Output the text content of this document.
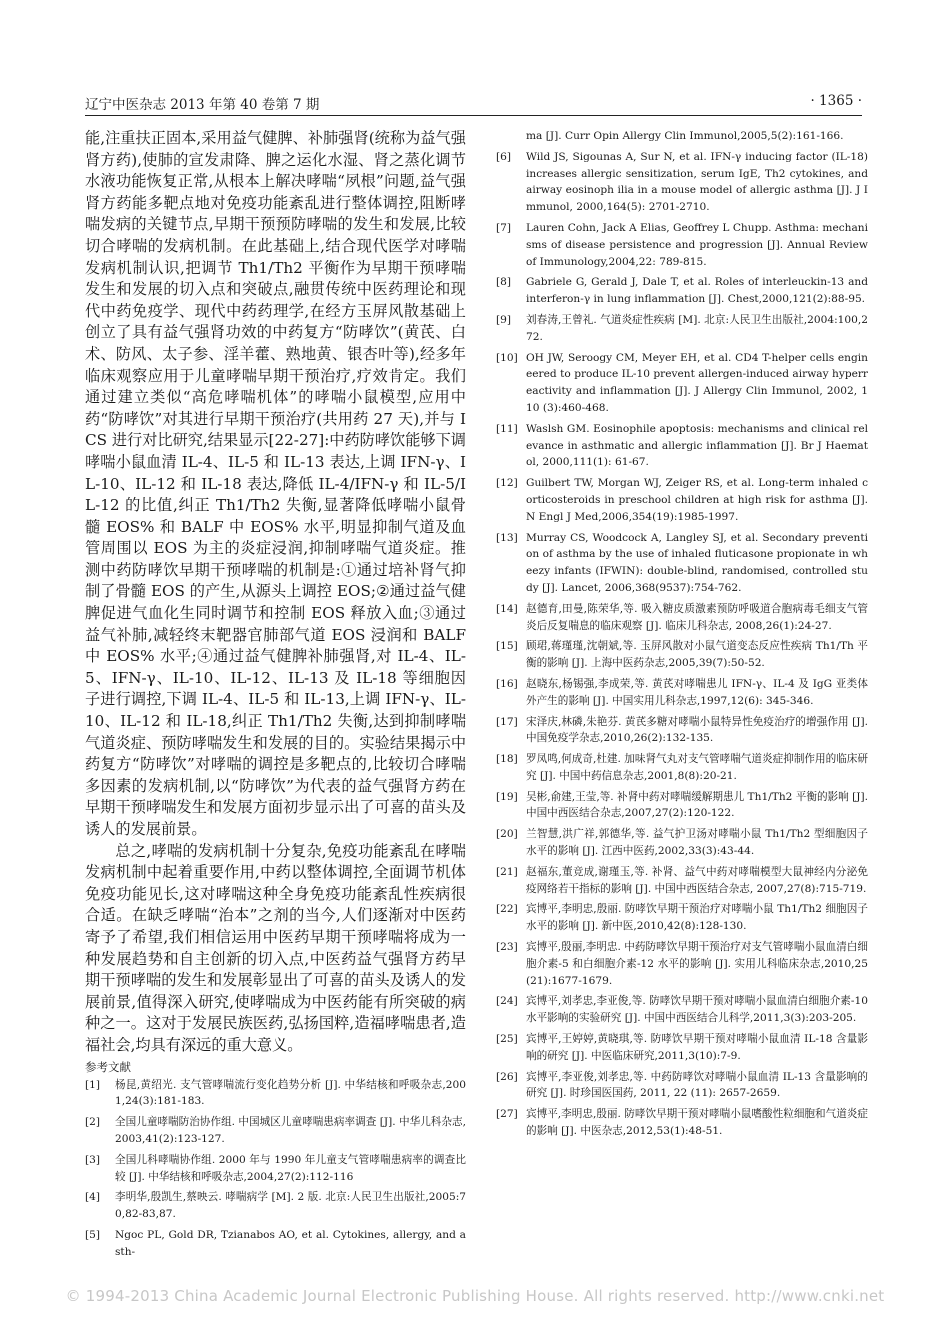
辽宁中医杂志 2013 年第 40 卷第 7 期	· 1365 ·

能,注重扶正固本,采用益气健脾、补肺强肾(统称为益气强肾方药),使肺的宣发肃降、脾之运化水湿、肾之蒸化调节水液功能恢复正常,从根本上解决哮喘“夙根”问题,益气强肾方药能多靶点地对免疫功能紊乱进行整体调控,阻断哮喘发病的关键节点,早期干预预防哮喘的发生和发展,比较切合哮喘的发病机制。在此基础上,结合现代医学对哮喘发病机制认识,把调节 Th1/Th2 平衡作为早期干预哮喘发生和发展的切入点和突破点,融贯传统中医药理论和现代中药免疫学、现代中药药理学,在经方玉屏风散基础上创立了具有益气强肾功效的中药复方“防哮饮”(黄芪、白术、防风、太子参、淫羊藿、熟地黄、银杏叶等),经多年临床观察应用于儿童哮喘早期干预治疗,疗效肯定。我们通过建立类似“高危哮喘机体”的哮喘小鼠模型,应用中药“防哮饮”对其进行早期干预治疗(共用药 27 天),并与 ICS 进行对比研究,结果显示[22-27]:中药防哮饮能够下调哮喘小鼠血清 IL-4、IL-5 和 IL-13 表达,上调 IFN-γ、IL-10、IL-12 和 IL-18 表达,降低 IL-4/IFN-γ 和 IL-5/IL-12 的比值,纠正 Th1/Th2 失衡,显著降低哮喘小鼠骨髓 EOS% 和 BALF 中 EOS% 水平,明显抑制气道及血管周围以 EOS 为主的炎症浸润,抑制哮喘气道炎症。推测中药防哮饮早期干预哮喘的机制是:①通过培补肾气抑制了骨髓 EOS 的产生,从源头上调控 EOS;②通过益气健脾促进气血化生同时调节和控制 EOS 释放入血;③通过益气补肺,减轻终末靶器官肺部气道 EOS 浸润和 BALF 中 EOS% 水平;④通过益气健脾补肺强肾,对 IL-4、IL-5、IFN-γ、IL-10、IL-12、IL-13 及 IL-18 等细胞因子进行调控,下调 IL-4、IL-5 和 IL-13,上调 IFN-γ、IL-10、IL-12 和 IL-18,纠正 Th1/Th2 失衡,达到抑制哮喘气道炎症、预防哮喘发生和发展的目的。实验结果揭示中药复方“防哮饮”对哮喘的调控是多靶点的,比较切合哮喘多因素的发病机制,以“防哮饮”为代表的益气强肾方药在早期干预哮喘发生和发展方面初步显示出了可喜的苗头及诱人的发展前景。

总之,哮喘的发病机制十分复杂,免疫功能紊乱在哮喘发病机制中起着重要作用,中药以整体调控,全面调节机体免疫功能见长,这对哮喘这种全身免疫功能紊乱性疾病很合适。在缺乏哮喘“治本”之剂的当今,人们逐渐对中医药寄予了希望,我们相信运用中医药早期干预哮喘将成为一种发展趋势和自主创新的切入点,中医药益气强肾方药早期干预哮喘的发生和发展彰显出了可喜的苗头及诱人的发展前景,值得深入研究,使哮喘成为中医药能有所突破的病种之一。这对于发展民族医药,弘扬国粹,造福哮喘患者,造福社会,均具有深远的重大意义。

参考文献
[1]	杨昆,黄绍光. 支气管哮喘流行变化趋势分析 [J]. 中华结核和呼吸杂志,2001,24(3):181-183.
[2]	全国儿童哮喘防治协作组. 中国城区儿童哮喘患病率调查 [J]. 中华儿科杂志,2003,41(2):123-127.
[3]	全国儿科哮喘协作组. 2000 年与 1990 年儿童支气管哮喘患病率的调查比较 [J]. 中华结核和呼吸杂志,2004,27(2):112-116
[4]	李明华,殷凯生,蔡映云. 哮喘病学 [M]. 2 版. 北京:人民卫生出版社,2005:70,82-83,87.
[5]	Ngoc PL, Gold DR, Tzianabos AO, et al. Cytokines, allergy, and asth-
ma [J]. Curr Opin Allergy Clin Immunol,2005,5(2):161-166.
[6]	Wild JS, Sigounas A, Sur N, et al. IFN-γ inducing factor (IL-18) increases allergic sensitization, serum IgE, Th2 cytokines, and airway eosinoph ilia in a mouse model of allergic asthma [J]. J Immunol, 2000,164(5): 2701-2710.
[7]	Lauren Cohn, Jack A Elias, Geoffrey L Chupp. Asthma: mechanisms of disease persistence and progression [J]. Annual Review of Immunology,2004,22: 789-815.
[8]	Gabriele G, Gerald J, Dale T, et al. Roles of interleuckin-13 and interferon-γ in lung inflammation [J]. Chest,2000,121(2):88-95.
[9]	刘春涛,王曾礼. 气道炎症性疾病 [M]. 北京:人民卫生出版社,2004:100,272.
[10] OH JW, Seroogy CM, Meyer EH, et al. CD4 T-helper cells engineered to produce IL-10 prevent allergen-induced airway hyperreactivity and inflammation [J]. J Allergy Clin Immunol, 2002, 110 (3):460-468.
[11] Waslsh GM. Eosinophile apoptosis: mechanisms and clinical relevance in asthmatic and allergic inflammation [J]. Br J Haematol, 2000,111(1): 61-67.
[12] Guilbert TW, Morgan WJ, Zeiger RS, et al. Long-term inhaled corticosteroids in preschool children at high risk for asthma [J]. N Engl J Med,2006,354(19):1985-1997.
[13] Murray CS, Woodcock A, Langley SJ, et al. Secondary prevention of asthma by the use of inhaled fluticasone propionate in wheezy infants (IFWIN): double-blind, randomised, controlled study [J]. Lancet, 2006,368(9537):754-762.
[14] 赵德育,田曼,陈荣华,等. 吸入糖皮质激素预防呼吸道合胞病毒毛细支气管炎后反复喘息的临床观察 [J]. 临床儿科杂志, 2008,26(1):24-27.
[15] 顾珺,蒋瑾瑾,沈朝斌,等. 玉屏风散对小鼠气道变态反应性疾病 Th1/Th 平衡的影响 [J]. 上海中医药杂志,2005,39(7):50-52.
[16] 赵晓东,杨锡强,李成荣,等. 黄芪对哮喘患儿 IFN-γ、IL-4 及 IgG 亚类体外产生的影响 [J]. 中国实用儿科杂志,1997,12(6): 345-346.
[17] 宋泽庆,林磷,朱艳芬. 黄芪多糖对哮喘小鼠特异性免疫治疗的增强作用 [J]. 中国免疫学杂志,2010,26(2):132-135.
[18] 罗凤鸣,何成奇,杜建. 加味肾气丸对支气管哮喘气道炎症抑制作用的临床研究 [J]. 中国中药信息杂志,2001,8(8):20-21.
[19] 吴彬,俞建,王莹,等. 补肾中药对哮喘缓解期患儿 Th1/Th2 平衡的影响 [J]. 中国中西医结合杂志,2007,27(2):120-122.
[20] 兰智慧,洪广祥,郭德华,等. 益气护卫汤对哮喘小鼠 Th1/Th2 型细胞因子水平的影响 [J]. 江西中医药,2002,33(3):43-44.
[21] 赵福东,董竞成,谢瑾玉,等. 补肾、益气中药对哮喘模型大鼠神经内分泌免疫网络若干指标的影响 [J]. 中国中西医结合杂志, 2007,27(8):715-719.
[22] 宾博平,李明忠,殷丽. 防哮饮早期干预治疗对哮喘小鼠 Th1/Th2 细胞因子水平的影响 [J]. 新中医,2010,42(8):128-130.
[23] 宾博平,殷丽,李明忠. 中药防哮饮早期干预治疗对支气管哮喘小鼠血清白细胞介素-5 和白细胞介素-12 水平的影响 [J]. 实用儿科临床杂志,2010,25(21):1677-1679.
[24] 宾博平,刘孝忠,李亚俊,等. 防哮饮早期干预对哮喘小鼠血清白细胞介素-10 水平影响的实验研究 [J]. 中国中西医结合儿科学,2011,3(3):203-205.
[25] 宾博平,王婷婷,黄晓琪,等. 防哮饮早期干预对哮喘小鼠血清 IL-18 含量影响的研究 [J]. 中医临床研究,2011,3(10):7-9.
[26] 宾博平,李亚俊,刘孝忠,等. 中药防哮饮对哮喘小鼠血清 IL-13 含量影响的研究 [J]. 时珍国医国药, 2011, 22 (11): 2657-2659.
[27] 宾博平,李明忠,殷丽. 防哮饮早期干预对哮喘小鼠嗜酸性粒细胞和气道炎症的影响 [J]. 中医杂志,2012,53(1):48-51.
© 1994-2013 China Academic Journal Electronic Publishing House. All rights reserved. http://www.cnki.net
